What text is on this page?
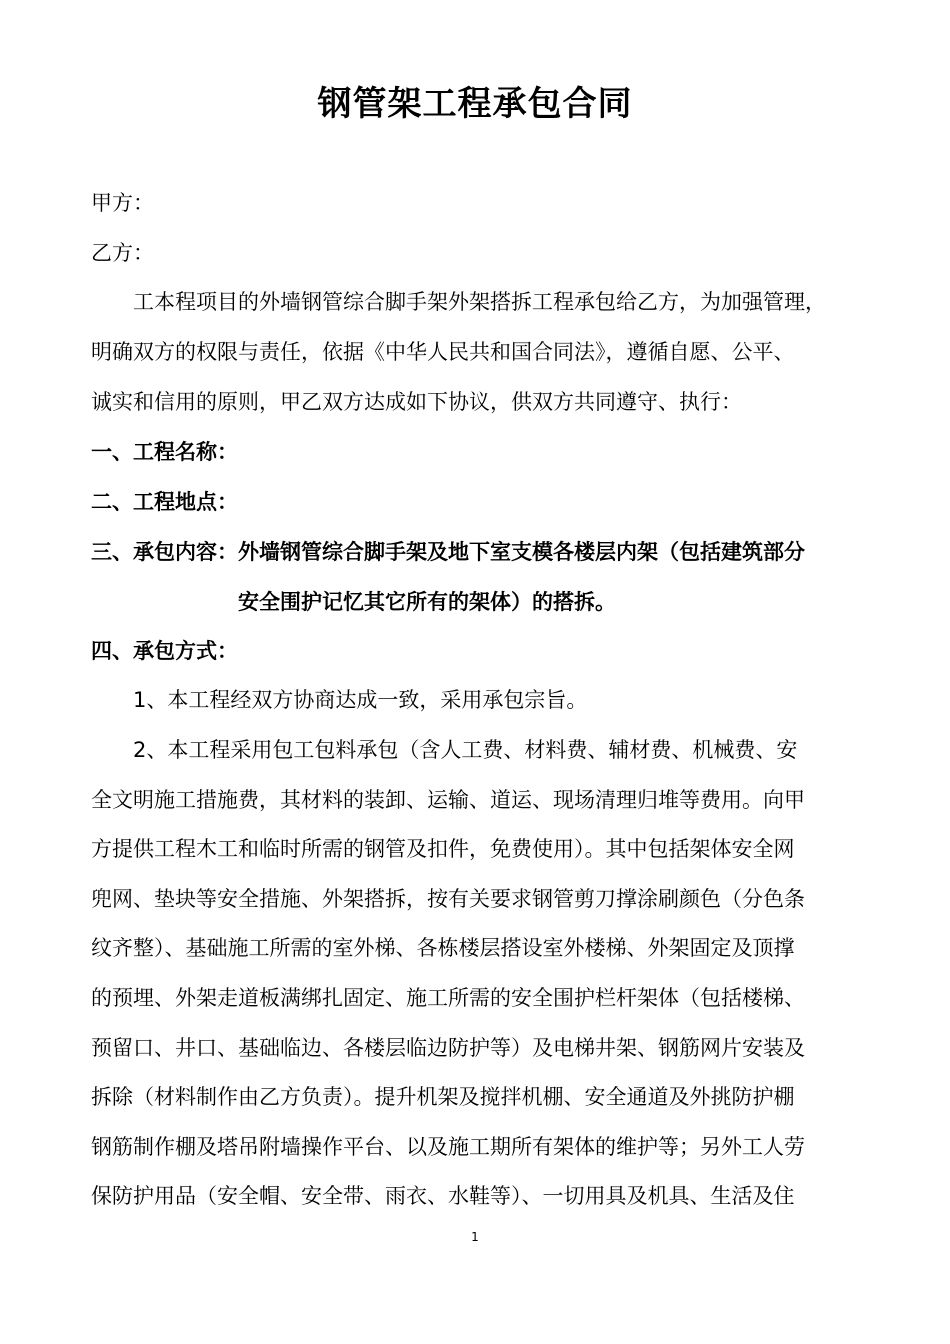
钢管架工程承包合同
甲方：
乙方：
工本程项目的外墙钢管综合脚手架外架搭拆工程承包给乙方，为加强管理，
明确双方的权限与责任，依据《中华人民共和国合同法》，遵循自愿、公平、
诚实和信用的原则，甲乙双方达成如下协议，供双方共同遵守、执行：
一、工程名称：
二、工程地点：
三、承包内容：外墙钢管综合脚手架及地下室支模各楼层内架（包括建筑部分
安全围护记忆其它所有的架体）的搭拆。
四、承包方式：
1、本工程经双方协商达成一致，采用承包宗旨。
2、本工程采用包工包料承包（含人工费、材料费、辅材费、机械费、安
全文明施工措施费，其材料的装卸、运输、道运、现场清理归堆等费用。向甲
方提供工程木工和临时所需的钢管及扣件，免费使用）。其中包括架体安全网
兜网、垫块等安全措施、外架搭拆，按有关要求钢管剪刀撑涂刷颜色（分色条
纹齐整）、基础施工所需的室外梯、各栋楼层搭设室外楼梯、外架固定及顶撑
的预埋、外架走道板满绑扎固定、施工所需的安全围护栏杆架体（包括楼梯、
预留口、井口、基础临边、各楼层临边防护等）及电梯井架、钢筋网片安装及
拆除（材料制作由乙方负责）。提升机架及搅拌机棚、安全通道及外挑防护棚
钢筋制作棚及塔吊附墙操作平台、以及施工期所有架体的维护等；另外工人劳
保防护用品（安全帽、安全带、雨衣、水鞋等）、一切用具及机具、生活及住
1
